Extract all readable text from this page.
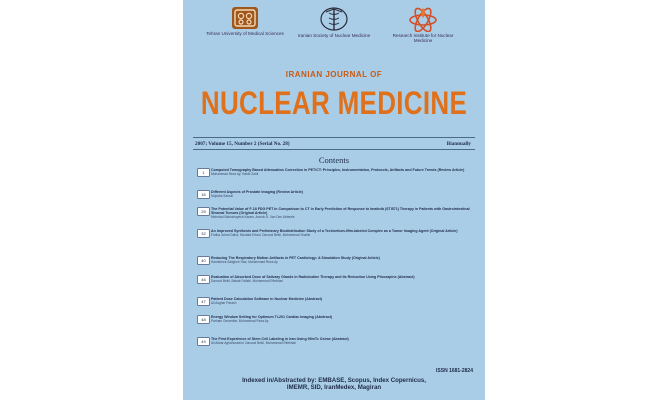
Tehran University of Medical Sciences	Iranian Society of Nuclear Medicine	Research Institute for Nuclear Medicine
IRANIAN JOURNAL OF
NUCLEAR MEDICINE
2007; Volume 15, Number 2 (Serial No. 28)	Biannually
Contents
1	Computed Tomography Based Attenuation Correction in PET/CT: Principles, Instrumentation, Protocols, Artifacts and Future Trends (Review Article)
Mohammad Reza Ay, Habib Zaidi
16	Different Aspects of Prostate Imaging (Review Article)
Mojtaba Salouti
25	The Potential Value of F-18 FDG PET in Comparison to CT in Early Prediction of Response to Imatinib (STI571) Therapy in Patients with Gastrointestinal Stromal Tumors (Original Article)
Mehrdad Bakhshayesh Karam, Annick D. Van Den Abbeele
32	An Improved Synthesis and Preliminary Biodistribution Study of a Technetium-99m-labeled Complex as a Tumor Imaging Agent (Original Article)
Fariba Johari Daha, Mostafa Erfani, Davood Beiki, Mohammad Shafiei
40	Reducing The Respiratory Motion Artifacts in PET Cardiology: A Simulation Study (Original Article)
Hamidreza Saligheh Rad, Mohammad Reza Ay
46	Evaluation of Absorbed Dose of Salivary Glands in Radioiodine Therapy and Its Reduction Using Pilocarpine (Abstract)
Davood Beiki, Babak Fallahi, Mohammad Eftekhari
47	Patient Dose Calculation Software in Nuclear Medicine (Abstract)
Ali Asghar Parach
48	Energy Window Setting for Optimum Tl-201 Cardiac Imaging (Abstract)
Parham Geramifar, Mohammad Reza Ay
49	The First Experience of Stem Cell Labeling in Iran Using 99mTc Oxime (Abstract)
Ali Akbar Aghahosseini, Davood Beiki, Mohammad Eftekhari
ISSN 1681-2824
Indexed in/Abstracted by: EMBASE, Scopus, Index Copernicus,
IMEMR, SID, IranMedex, Magiran
